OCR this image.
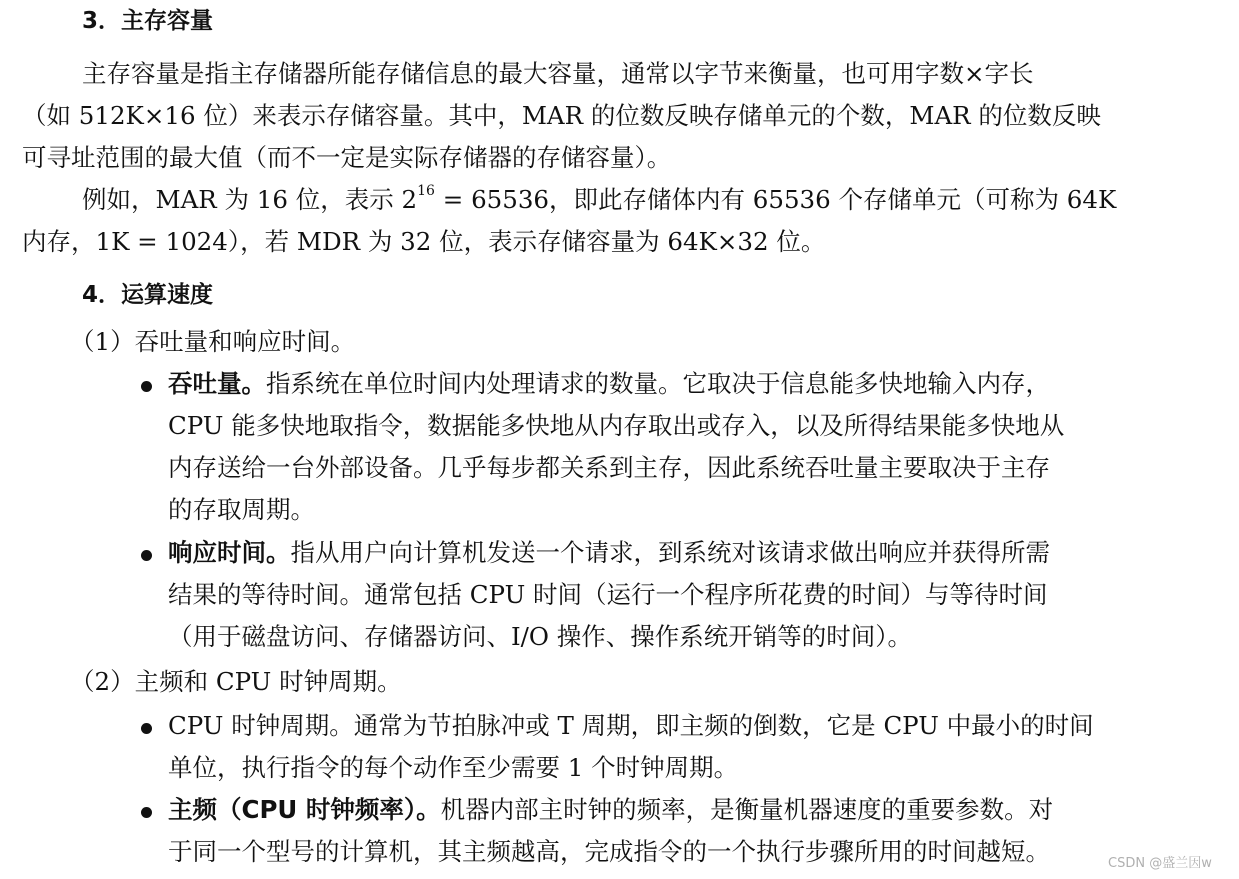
3．主存容量
主存容量是指主存储器所能存储信息的最大容量，通常以字节来衡量，也可用字数×字长
（如 512K×16 位）来表示存储容量。其中，MAR 的位数反映存储单元的个数，MAR 的位数反映
可寻址范围的最大值（而不一定是实际存储器的存储容量）。
例如，MAR 为 16 位，表示 $2^{16} = 65536$，即此存储体内有 65536 个存储单元（可称为 64K
内存，1K = 1024），若 MDR 为 32 位，表示存储容量为 64K×32 位。
4．运算速度
（1）吞吐量和响应时间。
吞吐量。指系统在单位时间内处理请求的数量。它取决于信息能多快地输入内存，
CPU 能多快地取指令，数据能多快地从内存取出或存入，以及所得结果能多快地从
内存送给一台外部设备。几乎每步都关系到主存，因此系统吞吐量主要取决于主存
的存取周期。
响应时间。指从用户向计算机发送一个请求，到系统对该请求做出响应并获得所需
结果的等待时间。通常包括 CPU 时间（运行一个程序所花费的时间）与等待时间
（用于磁盘访问、存储器访问、I/O 操作、操作系统开销等的时间）。
（2）主频和 CPU 时钟周期。
CPU 时钟周期。通常为节拍脉冲或 T 周期，即主频的倒数，它是 CPU 中最小的时间
单位，执行指令的每个动作至少需要 1 个时钟周期。
主频（CPU 时钟频率）。机器内部主时钟的频率，是衡量机器速度的重要参数。对
于同一个型号的计算机，其主频越高，完成指令的一个执行步骤所用的时间越短。	CSDN @盛兰因w
